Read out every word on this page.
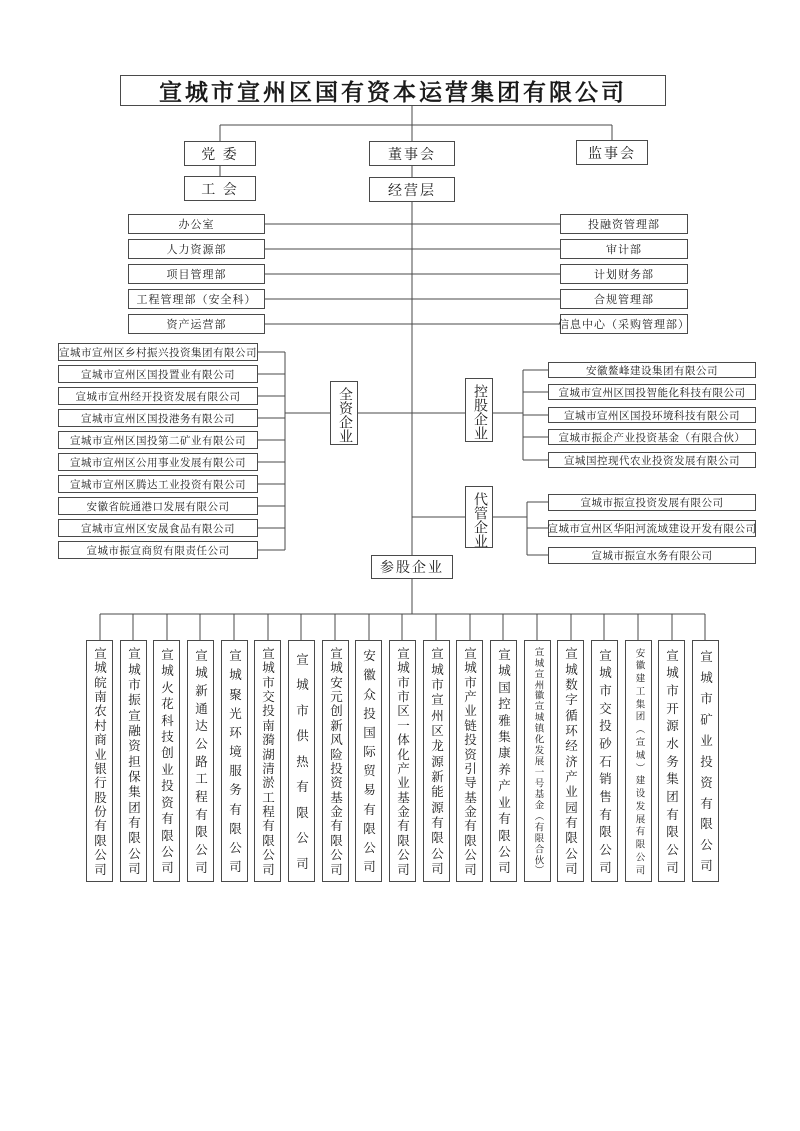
宣城市宣州区国有资本运营集团有限公司
党 委	董事会	监事会
工 会	经营层
办公室
人力资源部
项目管理部
工程管理部（安全科）
资产运营部
投融资管理部
审计部
计划财务部
合规管理部
信息中心（采购管理部）
全
资
企
业
控
股
企
业
代
管
企
业
参股企业
宣城市宣州区乡村振兴投资集团有限公司
宣城市宣州区国投置业有限公司
宣城市宣州经开投资发展有限公司
宣城市宣州区国投港务有限公司
宣城市宣州区国投第二矿业有限公司
宣城市宣州区公用事业发展有限公司
宣城市宣州区腾达工业投资有限公司
安徽省皖通港口发展有限公司
宣城市宣州区安晟食品有限公司
宣城市振宣商贸有限责任公司
安徽鳌峰建设集团有限公司
宣城市宣州区国投智能化科技有限公司
宣城市宣州区国投环境科技有限公司
宣城市振企产业投资基金（有限合伙）
宣城国控现代农业投资发展有限公司
宣城市振宣投资发展有限公司
宣城市宣州区华阳河流域建设开发有限公司
宣城市振宣水务有限公司
宣
城
皖
南
农
村
商
业
银
行
股
份
有
限
公
司
宣
城
市
振
宣
融
资
担
保
集
团
有
限
公
司
宣
城
火
花
科
技
创
业
投
资
有
限
公
司
宣
城
新
通
达
公
路
工
程
有
限
公
司
宣
城
聚
光
环
境
服
务
有
限
公
司
宣
城
市
交
投
南
漪
湖
清
淤
工
程
有
限
公
司
宣
城
市
供
热
有
限
公
司
宣
城
安
元
创
新
风
险
投
资
基
金
有
限
公
司
安
徽
众
投
国
际
贸
易
有
限
公
司
宣
城
市
市
区
一
体
化
产
业
基
金
有
限
公
司
宣
城
市
宣
州
区
龙
源
新
能
源
有
限
公
司
宣
城
市
产
业
链
投
资
引
导
基
金
有
限
公
司
宣
城
国
控
雅
集
康
养
产
业
有
限
公
司
宣
城
宣
州
徽
宣
城
镇
化
发
展
一
号
基
金
（
有
限
合
伙
）
宣
城
数
字
循
环
经
济
产
业
园
有
限
公
司
宣
城
市
交
投
砂
石
销
售
有
限
公
司
安
徽
建
工
集
团
（
宣
城
）
建
设
发
展
有
限
公
司
宣
城
市
开
源
水
务
集
团
有
限
公
司
宣
城
市
矿
业
投
资
有
限
公
司
